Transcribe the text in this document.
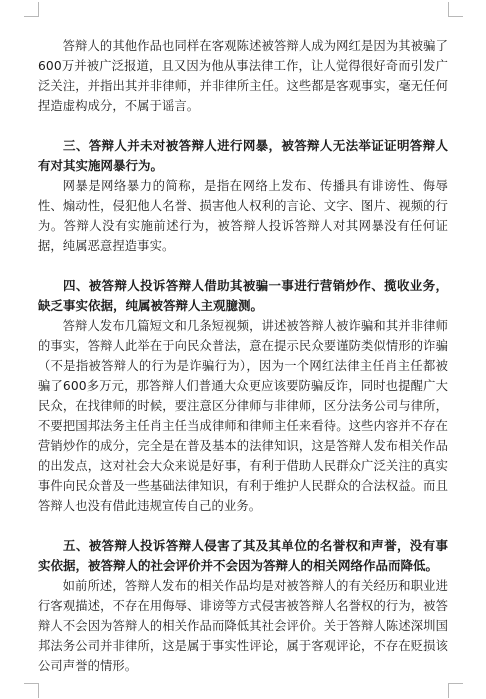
答辩人的其他作品也同样在客观陈述被答辩人成为网红是因为其被骗了600万并被广泛报道，且又因为他从事法律工作，让人觉得很好奇而引发广泛关注，并指出其并非律师，并非律所主任。这些都是客观事实，毫无任何捏造虚构成分，不属于谣言。

三、答辩人并未对被答辩人进行网暴，被答辩人无法举证证明答辩人有对其实施网暴行为。

网暴是网络暴力的简称，是指在网络上发布、传播具有诽谤性、侮辱性、煽动性，侵犯他人名誉、损害他人权利的言论、文字、图片、视频的行为。答辩人没有实施前述行为，被答辩人投诉答辩人对其网暴没有任何证据，纯属恶意捏造事实。

四、被答辩人投诉答辩人借助其被骗一事进行营销炒作、揽收业务，缺乏事实依据，纯属被答辩人主观臆测。

答辩人发布几篇短文和几条短视频，讲述被答辩人被诈骗和其并非律师的事实，答辩人此举在于向民众普法，意在提示民众要谨防类似情形的诈骗（不是指被答辩人的行为是诈骗行为），因为一个网红法律主任肖主任都被骗了600多万元，那答辩人们普通大众更应该要防骗反诈，同时也提醒广大民众，在找律师的时候，要注意区分律师与非律师，区分法务公司与律所，不要把国邦法务主任肖主任当成律师和律师主任来看待。这些内容并不存在营销炒作的成分，完全是在普及基本的法律知识，这是答辩人发布相关作品的出发点，这对社会大众来说是好事，有利于借助人民群众广泛关注的真实事件向民众普及一些基础法律知识，有利于维护人民群众的合法权益。而且答辩人也没有借此违规宣传自己的业务。

五、被答辩人投诉答辩人侵害了其及其单位的名誉权和声誉，没有事实依据，被答辩人的社会评价并不会因为答辩人的相关网络作品而降低。

如前所述，答辩人发布的相关作品均是对被答辩人的有关经历和职业进行客观描述，不存在用侮辱、诽谤等方式侵害被答辩人名誉权的行为，被答辩人不会因为答辩人的相关作品而降低其社会评价。关于答辩人陈述深圳国邦法务公司并非律所，这是属于事实性评论，属于客观评论，不存在贬损该公司声誉的情形。
